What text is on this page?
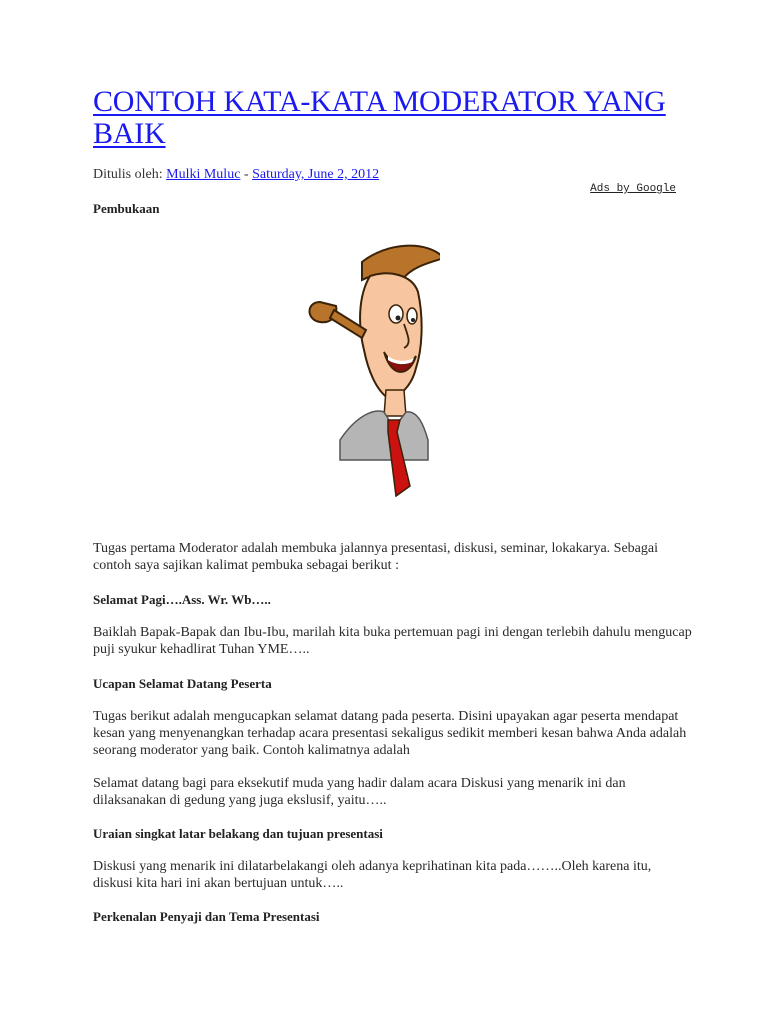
CONTOH KATA-KATA MODERATOR YANG BAIK
Ditulis oleh: Mulki Muluc - Saturday, June 2, 2012
Ads by Google
Pembukaan
Tugas pertama Moderator adalah membuka jalannya presentasi, diskusi, seminar, lokakarya. Sebagai contoh saya sajikan kalimat pembuka sebagai berikut :
Selamat Pagi….Ass. Wr. Wb…..
Baiklah Bapak-Bapak dan Ibu-Ibu, marilah kita buka pertemuan pagi ini dengan terlebih dahulu mengucap puji syukur kehadlirat Tuhan YME…..
Ucapan Selamat Datang Peserta
Tugas berikut adalah mengucapkan selamat datang pada peserta. Disini upayakan agar peserta mendapat kesan yang menyenangkan terhadap acara presentasi sekaligus sedikit memberi kesan bahwa Anda adalah seorang moderator yang baik. Contoh kalimatnya adalah
Selamat datang bagi para eksekutif muda yang hadir dalam acara Diskusi yang menarik ini dan dilaksanakan di gedung yang juga ekslusif, yaitu…..
Uraian singkat latar belakang dan tujuan presentasi
Diskusi yang menarik ini dilatarbelakangi oleh adanya keprihatinan kita pada……..Oleh karena itu, diskusi kita hari ini akan bertujuan untuk…..
Perkenalan Penyaji dan Tema Presentasi
